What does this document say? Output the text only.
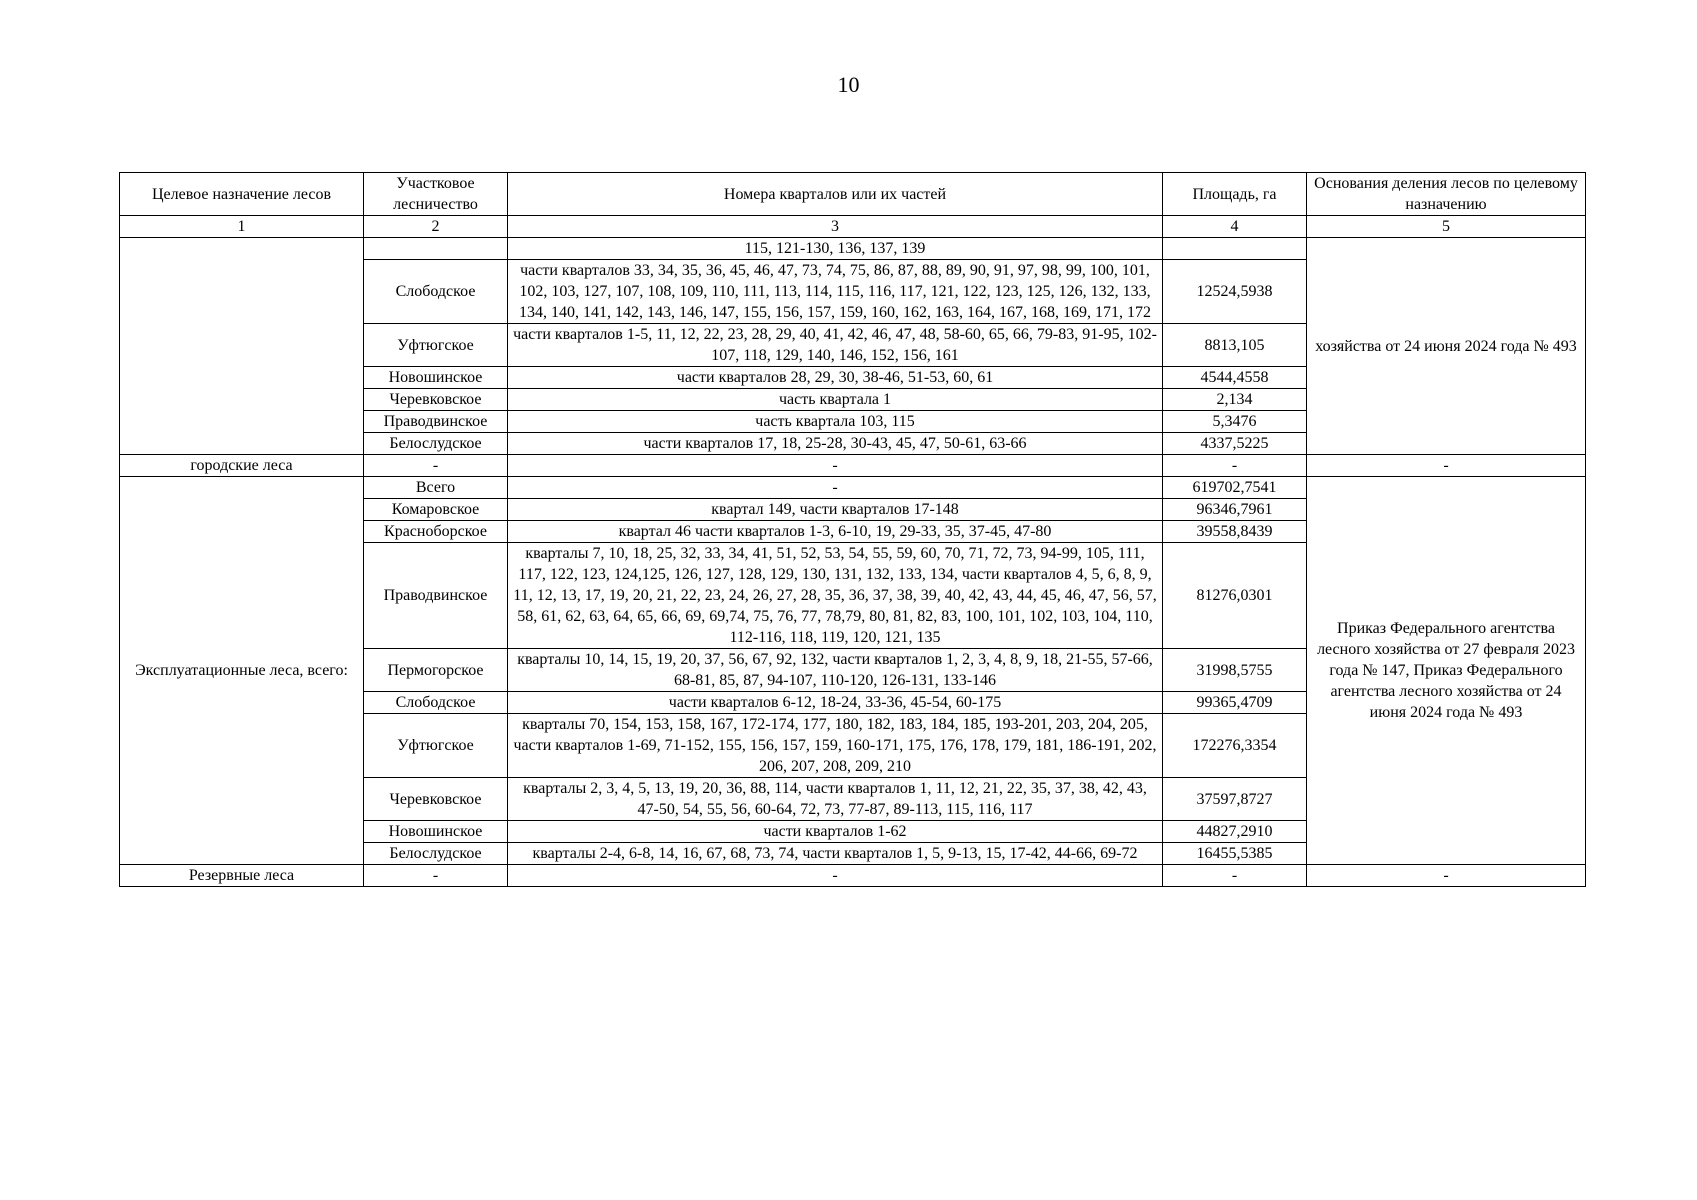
10
Целевое назначение лесов	Участковое лесничество	Номера кварталов или их частей	Площадь, га	Основания деления лесов по целевому назначению
1	2	3	4	5
		115, 121-130, 136, 137, 139		хозяйства от 24 июня 2024 года № 493
	Слободское	части кварталов 33, 34, 35, 36, 45, 46, 47, 73, 74, 75, 86, 87, 88, 89, 90, 91, 97, 98, 99, 100, 101, 102, 103, 127, 107, 108, 109, 110, 111, 113, 114, 115, 116, 117, 121, 122, 123, 125, 126, 132, 133, 134, 140, 141, 142, 143, 146, 147, 155, 156, 157, 159, 160, 162, 163, 164, 167, 168, 169, 171, 172	12524,5938	
	Уфтюгское	части кварталов 1-5, 11, 12, 22, 23, 28, 29, 40, 41, 42, 46, 47, 48, 58-60, 65, 66, 79-83, 91-95, 102-107, 118, 129, 140, 146, 152, 156, 161	8813,105	
	Новошинское	части кварталов 28, 29, 30, 38-46, 51-53, 60, 61	4544,4558	
	Черевковское	часть квартала 1	2,134	
	Праводвинское	часть квартала 103, 115	5,3476	
	Белослудское	части кварталов 17, 18, 25-28, 30-43, 45, 47, 50-61, 63-66	4337,5225	
городские леса	-	-	-	-
Эксплуатационные леса, всего:	Всего	-	619702,7541	Приказ Федерального агентства лесного хозяйства от 27 февраля 2023 года № 147, Приказ Федерального агентства лесного хозяйства от 24 июня 2024 года № 493
	Комаровское	квартал 149, части кварталов 17-148	96346,7961	
	Красноборское	квартал 46 части кварталов 1-3, 6-10, 19, 29-33, 35, 37-45, 47-80	39558,8439	
	Праводвинское	кварталы 7, 10, 18, 25, 32, 33, 34, 41, 51, 52, 53, 54, 55, 59, 60, 70, 71, 72, 73, 94-99, 105, 111, 117, 122, 123, 124,125, 126, 127, 128, 129, 130, 131, 132, 133, 134, части кварталов 4, 5, 6, 8, 9, 11, 12, 13, 17, 19, 20, 21, 22, 23, 24, 26, 27, 28, 35, 36, 37, 38, 39, 40, 42, 43, 44, 45, 46, 47, 56, 57, 58, 61, 62, 63, 64, 65, 66, 69, 69,74, 75, 76, 77, 78,79, 80, 81, 82, 83, 100, 101, 102, 103, 104, 110, 112-116, 118, 119, 120, 121, 135	81276,0301	
	Пермогорское	кварталы 10, 14, 15, 19, 20, 37, 56, 67, 92, 132, части кварталов 1, 2, 3, 4, 8, 9, 18, 21-55, 57-66, 68-81, 85, 87, 94-107, 110-120, 126-131, 133-146	31998,5755	
	Слободское	части кварталов 6-12, 18-24, 33-36, 45-54, 60-175	99365,4709	
	Уфтюгское	кварталы 70, 154, 153, 158, 167, 172-174, 177, 180, 182, 183, 184, 185, 193-201, 203, 204, 205, части кварталов 1-69, 71-152, 155, 156, 157, 159, 160-171, 175, 176, 178, 179, 181, 186-191, 202, 206, 207, 208, 209, 210	172276,3354	
	Черевковское	кварталы 2, 3, 4, 5, 13, 19, 20, 36, 88, 114, части кварталов 1, 11, 12, 21, 22, 35, 37, 38, 42, 43, 47-50, 54, 55, 56, 60-64, 72, 73, 77-87, 89-113, 115, 116, 117	37597,8727	
	Новошинское	части кварталов 1-62	44827,2910	
	Белослудское	кварталы 2-4, 6-8, 14, 16, 67, 68, 73, 74, части кварталов 1, 5, 9-13, 15, 17-42, 44-66, 69-72	16455,5385	
Резервные леса	-	-	-	-
